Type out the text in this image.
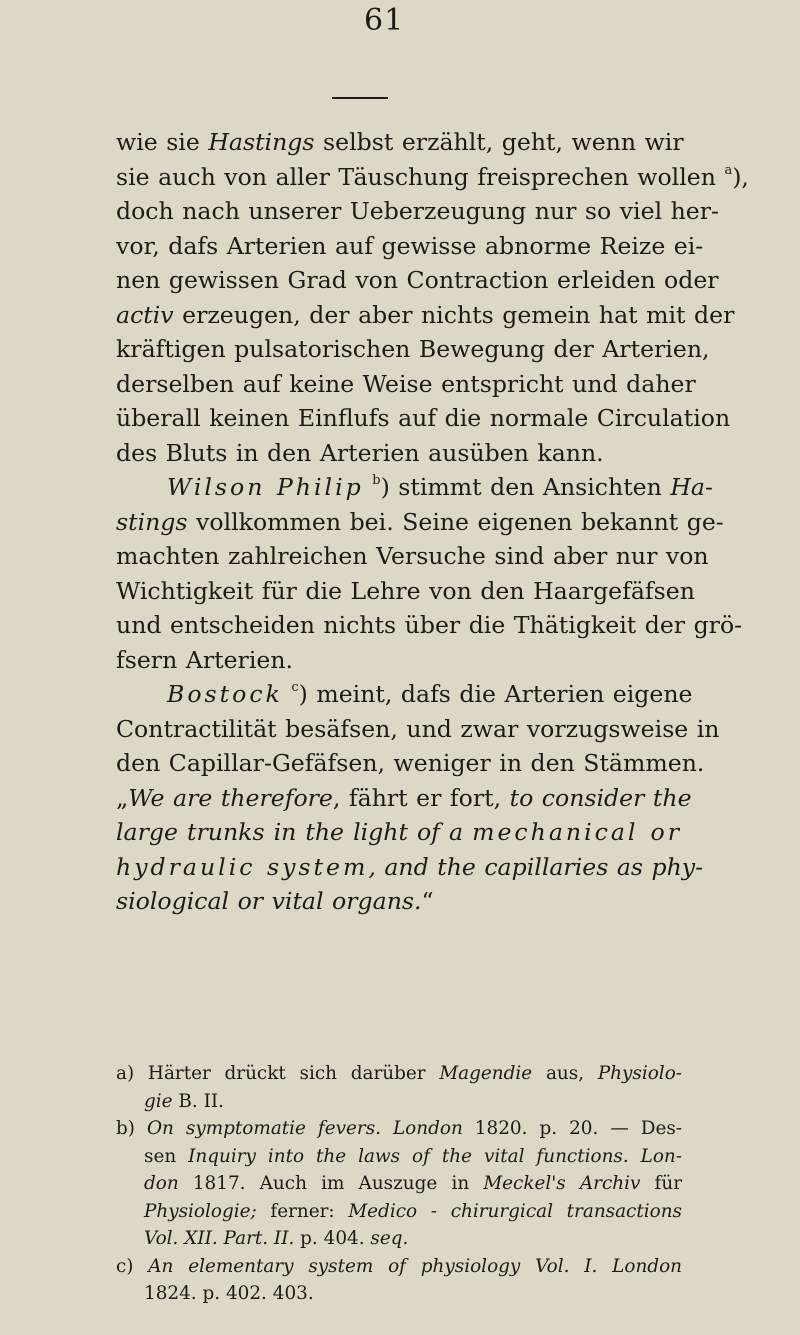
61
wie sie Hastings selbst erzählt, geht, wenn wir
sie auch von aller Täuschung freisprechen wollen $^a$),
doch nach unserer Ueberzeugung nur so viel her-
vor, dafs Arterien auf gewisse abnorme Reize ei-
nen gewissen Grad von Contraction erleiden oder
activ erzeugen, der aber nichts gemein hat mit der
kräftigen pulsatorischen Bewegung der Arterien,
derselben auf keine Weise entspricht und daher
überall keinen Einflufs auf die normale Circulation
des Bluts in den Arterien ausüben kann.
Wilson Philip $^b$) stimmt den Ansichten Ha-
stings vollkommen bei. Seine eigenen bekannt ge-
machten zahlreichen Versuche sind aber nur von
Wichtigkeit für die Lehre von den Haargefäfsen
und entscheiden nichts über die Thätigkeit der grö-
fsern Arterien.
Bostock $^c$) meint, dafs die Arterien eigene
Contractilität besäfsen, und zwar vorzugsweise in
den Capillar-Gefäfsen, weniger in den Stämmen.
„We are therefore, fährt er fort, to consider the
large trunks in the light of a mechanical or
hydraulic system, and the capillaries as phy-
siological or vital organs.“
a) Härter drückt sich darüber Magendie aus, Physiolo-
gie B. II.
b) On symptomatie fevers. London 1820. p. 20. — Des-
sen Inquiry into the laws of the vital functions. Lon-
don 1817. Auch im Auszuge in Meckel's Archiv für
Physiologie; ferner: Medico - chirurgical transactions
Vol. XII. Part. II. p. 404. seq.
c) An elementary system of physiology Vol. I. London
1824. p. 402. 403.
